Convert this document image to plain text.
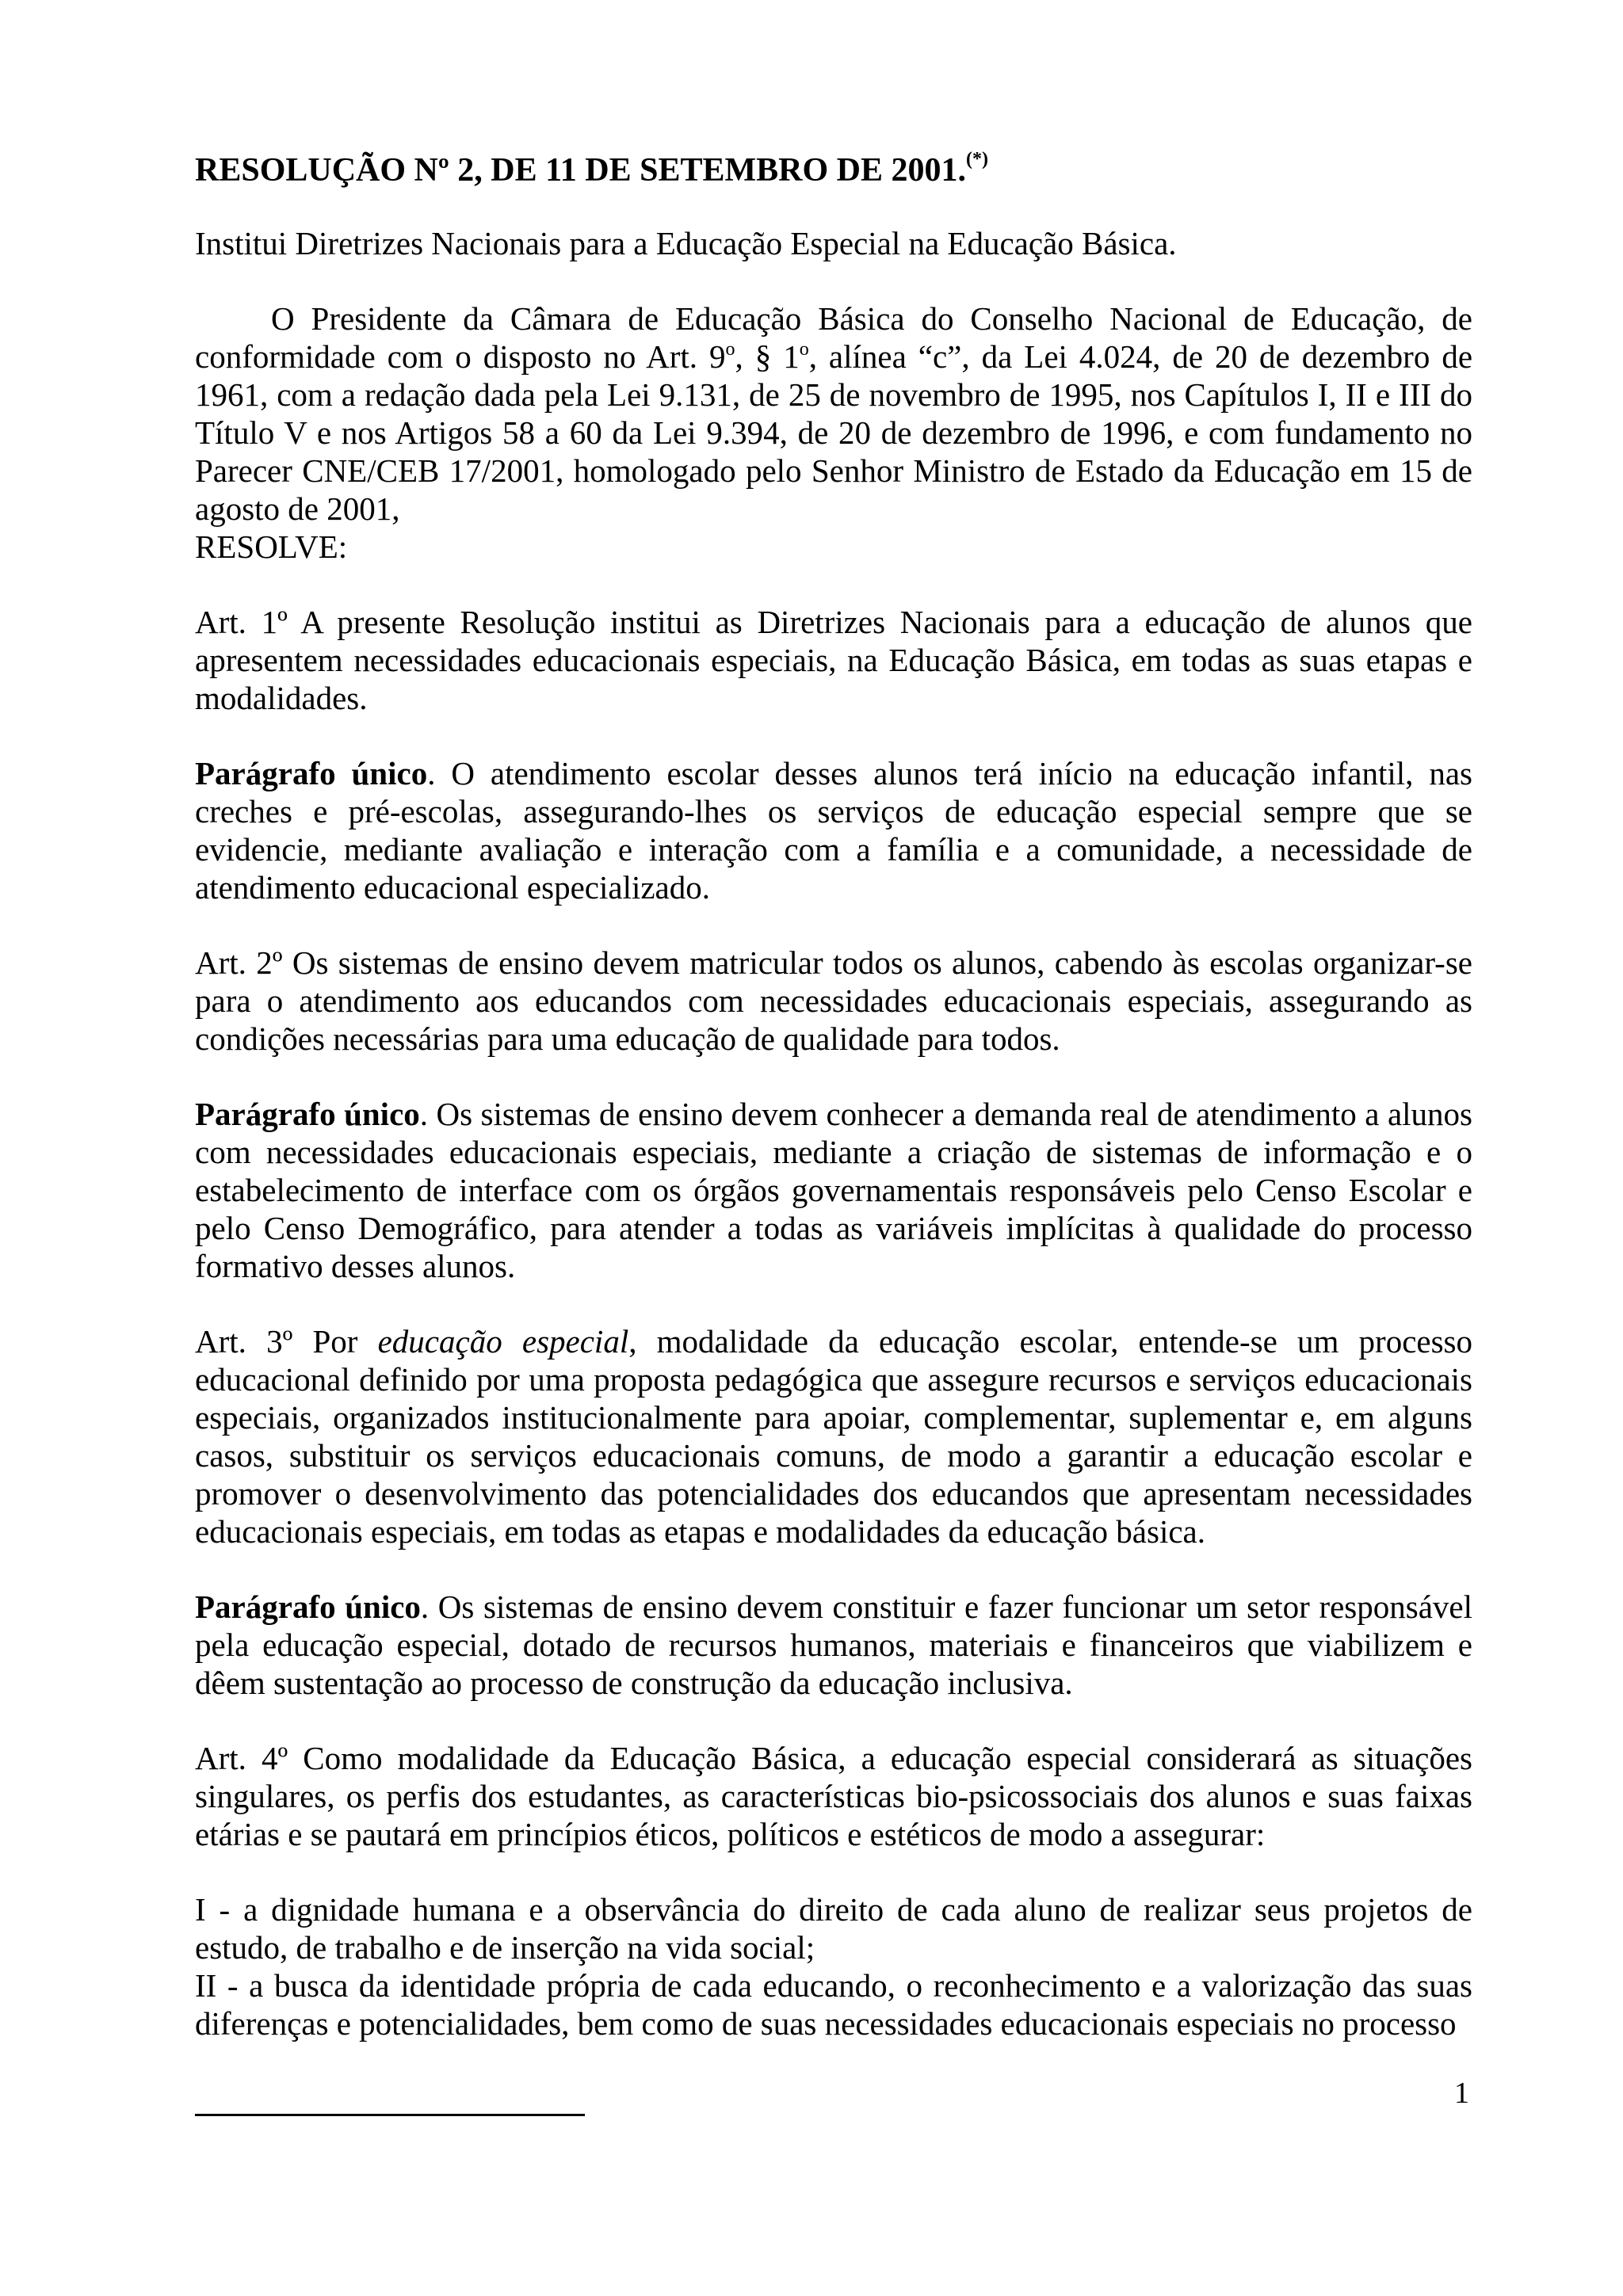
RESOLUÇÃO Nº 2, DE 11 DE SETEMBRO DE 2001.(*)

Institui Diretrizes Nacionais para a Educação Especial na Educação Básica.

O Presidente da Câmara de Educação Básica do Conselho Nacional de Educação, de conformidade com o disposto no Art. 9$^o$, § 1$^o$, alínea “c”, da Lei 4.024, de 20 de dezembro de 1961, com a redação dada pela Lei 9.131, de 25 de novembro de 1995, nos Capítulos I, II e III do Título V e nos Artigos 58 a 60 da Lei 9.394, de 20 de dezembro de 1996, e com fundamento no Parecer CNE/CEB 17/2001, homologado pelo Senhor Ministro de Estado da Educação em 15 de agosto de 2001,

RESOLVE:

Art. 1º A presente Resolução institui as Diretrizes Nacionais para a educação de alunos que apresentem necessidades educacionais especiais, na Educação Básica, em todas as suas etapas e modalidades.

Parágrafo único. O atendimento escolar desses alunos terá início na educação infantil, nas creches e pré-escolas, assegurando-lhes os serviços de educação especial sempre que se evidencie, mediante avaliação e interação com a família e a comunidade, a necessidade de atendimento educacional especializado.

Art. 2º Os sistemas de ensino devem matricular todos os alunos, cabendo às escolas organizar-se para o atendimento aos educandos com necessidades educacionais especiais, assegurando as condições necessárias para uma educação de qualidade para todos.

Parágrafo único. Os sistemas de ensino devem conhecer a demanda real de atendimento a alunos com necessidades educacionais especiais, mediante a criação de sistemas de informação e o estabelecimento de interface com os órgãos governamentais responsáveis pelo Censo Escolar e pelo Censo Demográfico, para atender a todas as variáveis implícitas à qualidade do processo formativo desses alunos.

Art. 3º Por educação especial, modalidade da educação escolar, entende-se um processo educacional definido por uma proposta pedagógica que assegure recursos e serviços educacionais especiais, organizados institucionalmente para apoiar, complementar, suplementar e, em alguns casos, substituir os serviços educacionais comuns, de modo a garantir a educação escolar e promover o desenvolvimento das potencialidades dos educandos que apresentam necessidades educacionais especiais, em todas as etapas e modalidades da educação básica.

Parágrafo único. Os sistemas de ensino devem constituir e fazer funcionar um setor responsável pela educação especial, dotado de recursos humanos, materiais e financeiros que viabilizem e dêem sustentação ao processo de construção da educação inclusiva.

Art. 4º Como modalidade da Educação Básica, a educação especial considerará as situações singulares, os perfis dos estudantes, as características bio-psicossociais dos alunos e suas faixas etárias e se pautará em princípios éticos, políticos e estéticos de modo a assegurar:

I - a dignidade humana e a observância do direito de cada aluno de realizar seus projetos de estudo, de trabalho e de inserção na vida social;

II - a busca da identidade própria de cada educando, o reconhecimento e a valorização das suas diferenças e potencialidades, bem como de suas necessidades educacionais especiais no processo

1
